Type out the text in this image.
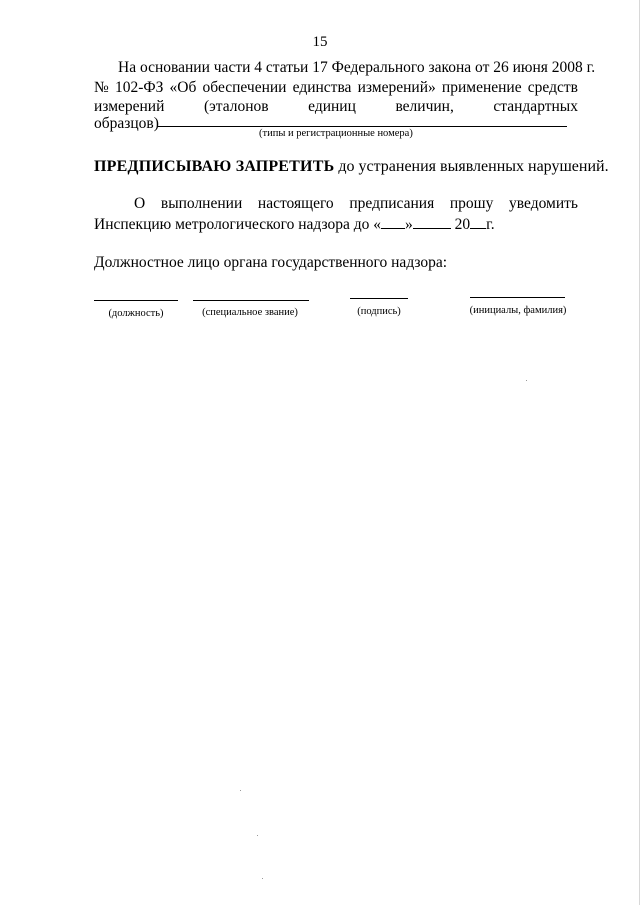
15
На основании части 4 статьи 17 Федерального закона от 26 июня 2008 г.
№ 102-ФЗ «Об обеспечении единства измерений» применение средств
измерений	(эталонов	единиц	величин,	стандартных
образцов)
(типы и регистрационные номера)
ПРЕДПИСЫВАЮ ЗАПРЕТИТЬ до устранения выявленных нарушений.
О выполнении настоящего предписания прошу уведомить
Инспекцию метрологического надзора до « » 20 г.
Должностное лицо органа государственного надзора:
(должность)	(специальное звание)	(подпись)	(инициалы, фамилия)
